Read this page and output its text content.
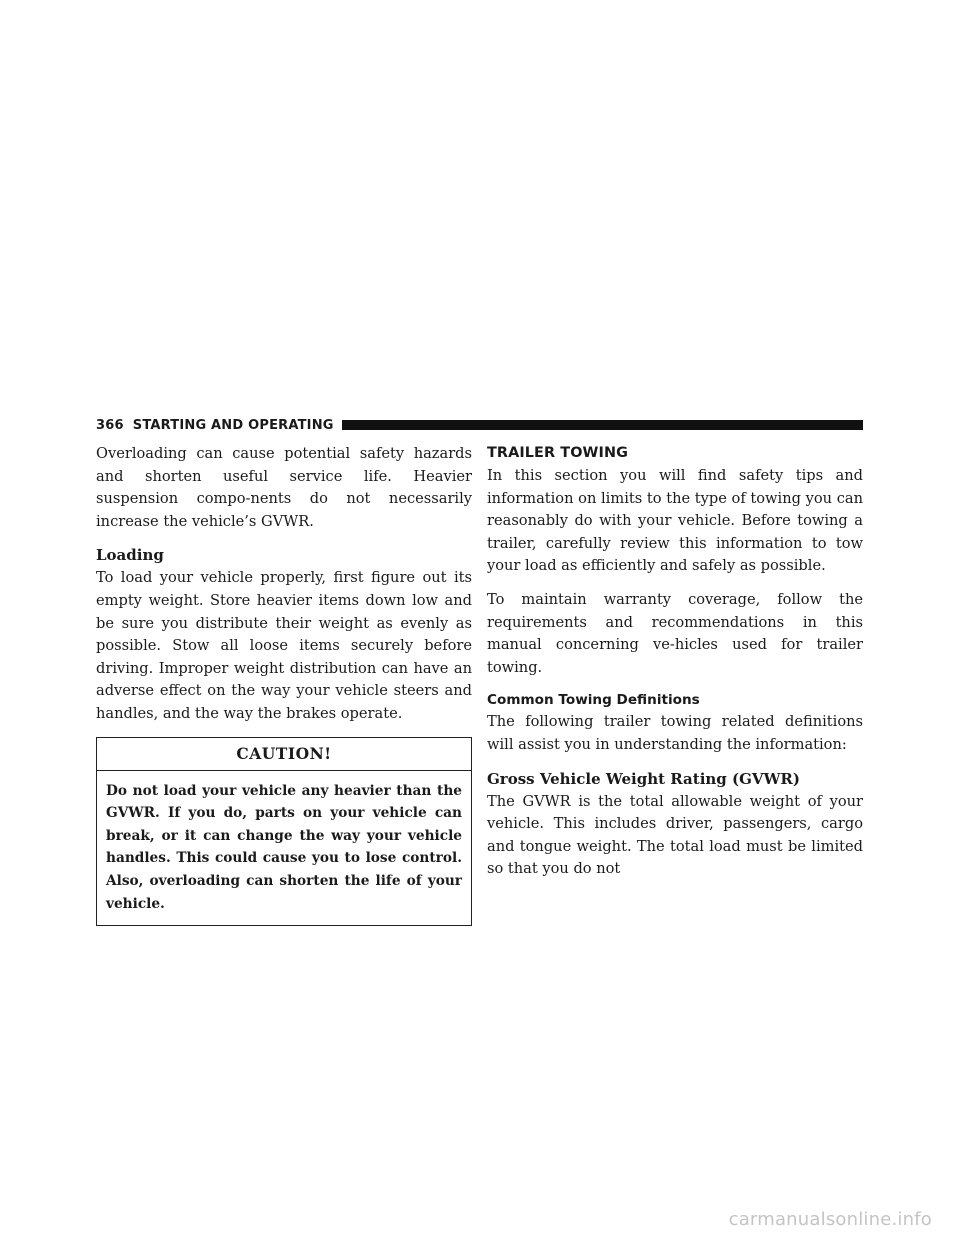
366 STARTING AND OPERATING

Overloading can cause potential safety hazards and shorten useful service life. Heavier suspension compo-nents do not necessarily increase the vehicle’s GVWR.

Loading

To load your vehicle properly, first figure out its empty weight. Store heavier items down low and be sure you distribute their weight as evenly as possible. Stow all loose items securely before driving. Improper weight distribution can have an adverse effect on the way your vehicle steers and handles, and the way the brakes operate.

CAUTION!
Do not load your vehicle any heavier than the GVWR. If you do, parts on your vehicle can break, or it can change the way your vehicle handles. This could cause you to lose control. Also, overloading can shorten the life of your vehicle.
TRAILER TOWING

In this section you will find safety tips and information on limits to the type of towing you can reasonably do with your vehicle. Before towing a trailer, carefully review this information to tow your load as efficiently and safely as possible.

To maintain warranty coverage, follow the requirements and recommendations in this manual concerning ve-hicles used for trailer towing.

Common Towing Definitions

The following trailer towing related definitions will assist you in understanding the information:

Gross Vehicle Weight Rating (GVWR)

The GVWR is the total allowable weight of your vehicle. This includes driver, passengers, cargo and tongue weight. The total load must be limited so that you do not

carmanualsonline.info
